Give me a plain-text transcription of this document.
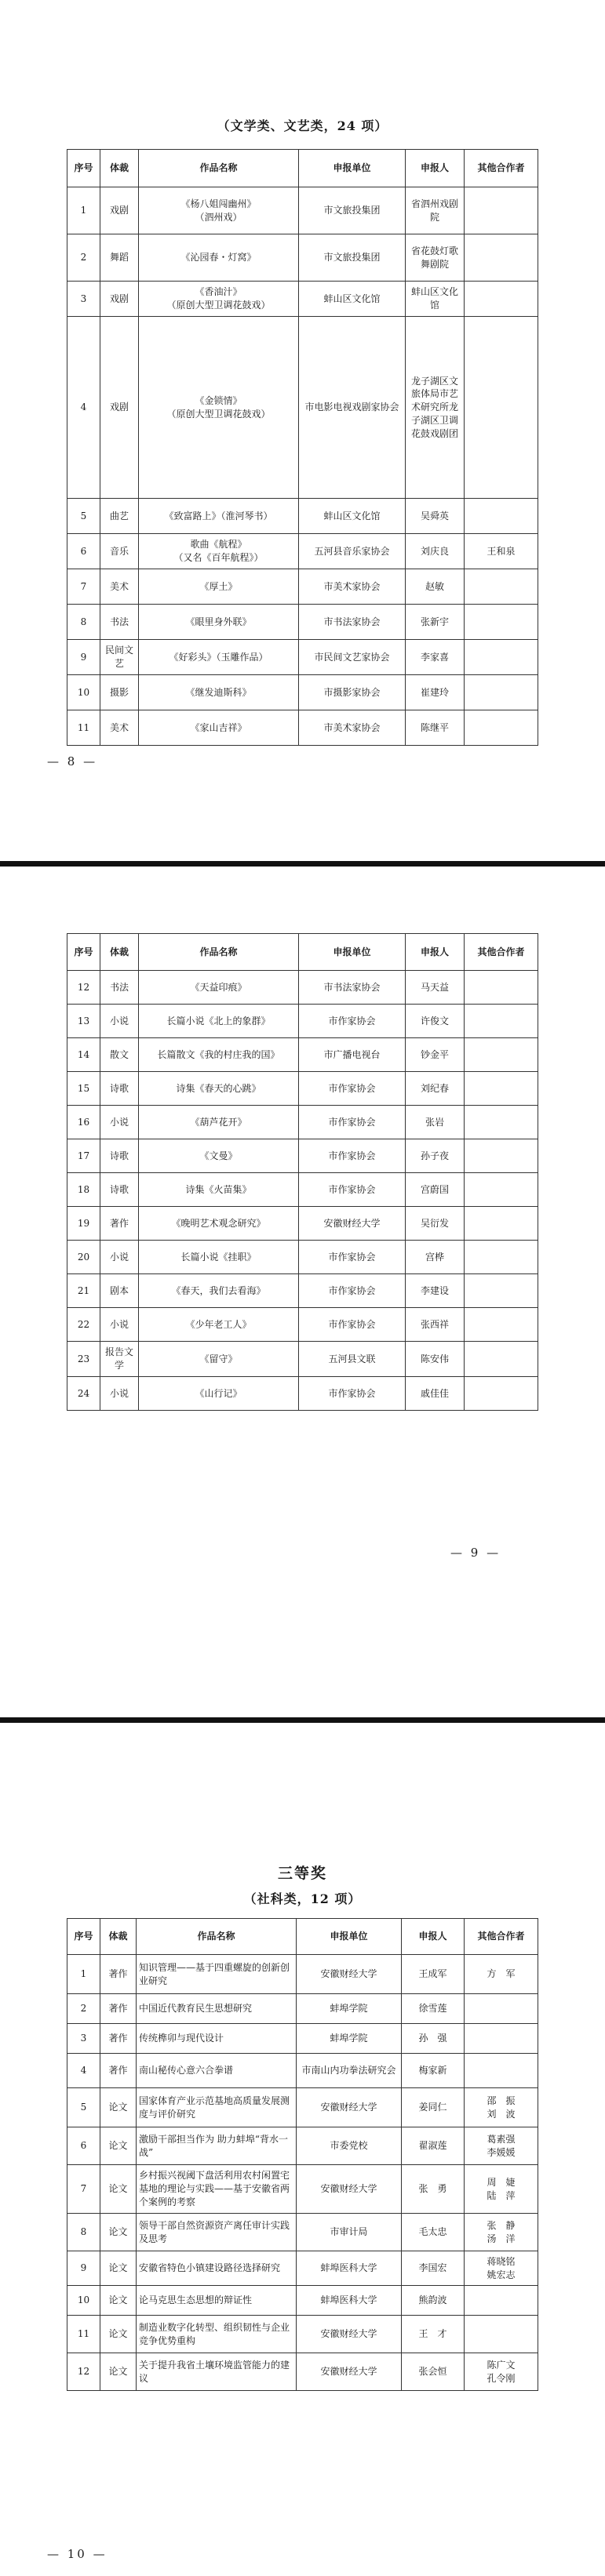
（文学类、文艺类，24 项）
序号	体裁	作品名称	申报单位	申报人	其他合作者
1	戏剧	《杨八姐闯幽州》
（泗州戏）	市文旅投集团	省泗州戏剧院	
2	舞蹈	《沁园春・灯窝》	市文旅投集团	省花鼓灯歌舞剧院	
3	戏剧	《香油汁》
（原创大型卫调花鼓戏）	蚌山区文化馆	蚌山区文化馆	
4	戏剧	《金锁情》
（原创大型卫调花鼓戏）	市电影电视戏剧家协会	龙子湖区文旅体局市艺术研究所龙子湖区卫调花鼓戏剧团	
5	曲艺	《致富路上》（淮河琴书）	蚌山区文化馆	吴舜英	
6	音乐	歌曲《航程》
（又名《百年航程》）	五河县音乐家协会	刘庆良	王和泉
7	美术	《厚土》	市美术家协会	赵敏	
8	书法	《眼里身外联》	市书法家协会	张新宇	
9	民间文艺	《好彩头》（玉雕作品）	市民间文艺家协会	李家喜	
10	摄影	《继发迪斯科》	市摄影家协会	崔建玲	
11	美术	《家山吉祥》	市美术家协会	陈继平	
— 8 —
序号	体裁	作品名称	申报单位	申报人	其他合作者
12	书法	《天益印痕》	市书法家协会	马天益	
13	小说	长篇小说《北上的象群》	市作家协会	许俊文	
14	散文	长篇散文《我的村庄我的国》	市广播电视台	钞金平	
15	诗歌	诗集《春天的心跳》	市作家协会	刘纪春	
16	小说	《葫芦花开》	市作家协会	张岩	
17	诗歌	《文曼》	市作家协会	孙子夜	
18	诗歌	诗集《火苗集》	市作家协会	宫蔚国	
19	著作	《晚明艺术观念研究》	安徽财经大学	吴衍发	
20	小说	长篇小说《挂职》	市作家协会	宫桦	
21	剧本	《春天，我们去看海》	市作家协会	李建设	
22	小说	《少年老工人》	市作家协会	张西祥	
23	报告文学	《留守》	五河县文联	陈安伟	
24	小说	《山行记》	市作家协会	戚佳佳	
— 9 —
三等奖
（社科类，12 项）
序号	体裁	作品名称	申报单位	申报人	其他合作者
1	著作	知识管理——基于四重螺旋的创新创业研究	安徽财经大学	王成军	方　军
2	著作	中国近代教育民生思想研究	蚌埠学院	徐雪莲	
3	著作	传统榫卯与现代设计	蚌埠学院	孙　强	
4	著作	南山秘传心意六合拳谱	市南山内功拳法研究会	梅家新	
5	论文	国家体育产业示范基地高质量发展测度与评价研究	安徽财经大学	姜同仁	邵　振
刘　波
6	论文	激励干部担当作为 助力蚌埠“背水一战”	市委党校	翟淑莲	葛素强
李媛媛
7	论文	乡村振兴视阈下盘活利用农村闲置宅基地的理论与实践——基于安徽省两个案例的考察	安徽财经大学	张　勇	周　婕
陆　萍
8	论文	领导干部自然资源资产离任审计实践及思考	市审计局	毛太忠	张　静
汤　洋
9	论文	安徽省特色小镇建设路径选择研究	蚌埠医科大学	李国宏	蒋晓铭
姚宏志
10	论文	论马克思生态思想的辩证性	蚌埠医科大学	熊韵波	
11	论文	制造业数字化转型、组织韧性与企业竞争优势重构	安徽财经大学	王　才	
12	论文	关于提升我省土壤环境监管能力的建议	安徽财经大学	张会恒	陈广文
孔令刚
— 10 —
